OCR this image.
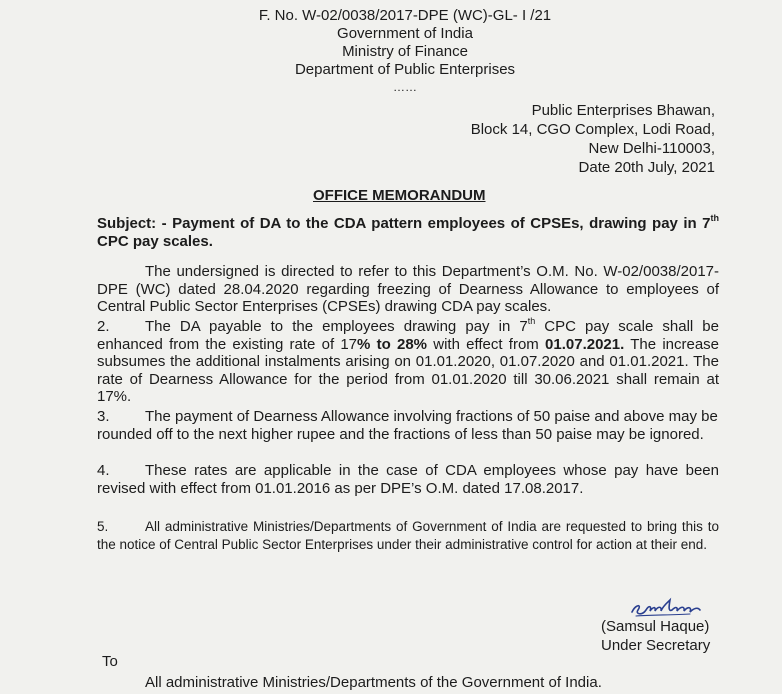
F. No. W-02/0038/2017-DPE (WC)-GL- I /21
Government of India
Ministry of Finance
Department of Public Enterprises
……
Public Enterprises Bhawan,
Block 14, CGO Complex, Lodi Road,
New Delhi-110003,
Date 20th July, 2021
OFFICE MEMORANDUM
Subject: - Payment of DA to the CDA pattern employees of CPSEs, drawing pay in 7th CPC pay scales.
The undersigned is directed to refer to this Department’s O.M. No. W-02/0038/2017-DPE (WC) dated 28.04.2020 regarding freezing of Dearness Allowance to employees of Central Public Sector Enterprises (CPSEs) drawing CDA pay scales.
2. The DA payable to the employees drawing pay in 7th CPC pay scale shall be enhanced from the existing rate of 17% to 28% with effect from 01.07.2021. The increase subsumes the additional instalments arising on 01.01.2020, 01.07.2020 and 01.01.2021. The rate of Dearness Allowance for the period from 01.01.2020 till 30.06.2021 shall remain at 17%.
3. The payment of Dearness Allowance involving fractions of 50 paise and above may be rounded off to the next higher rupee and the fractions of less than 50 paise may be ignored.
4. These rates are applicable in the case of CDA employees whose pay have been revised with effect from 01.01.2016 as per DPE’s O.M. dated 17.08.2017.
5.	All administrative Ministries/Departments of Government of India are requested to bring this to the notice of Central Public Sector Enterprises under their administrative control for action at their end.
(Samsul Haque)
Under Secretary
To
All administrative Ministries/Departments of the Government of India.
